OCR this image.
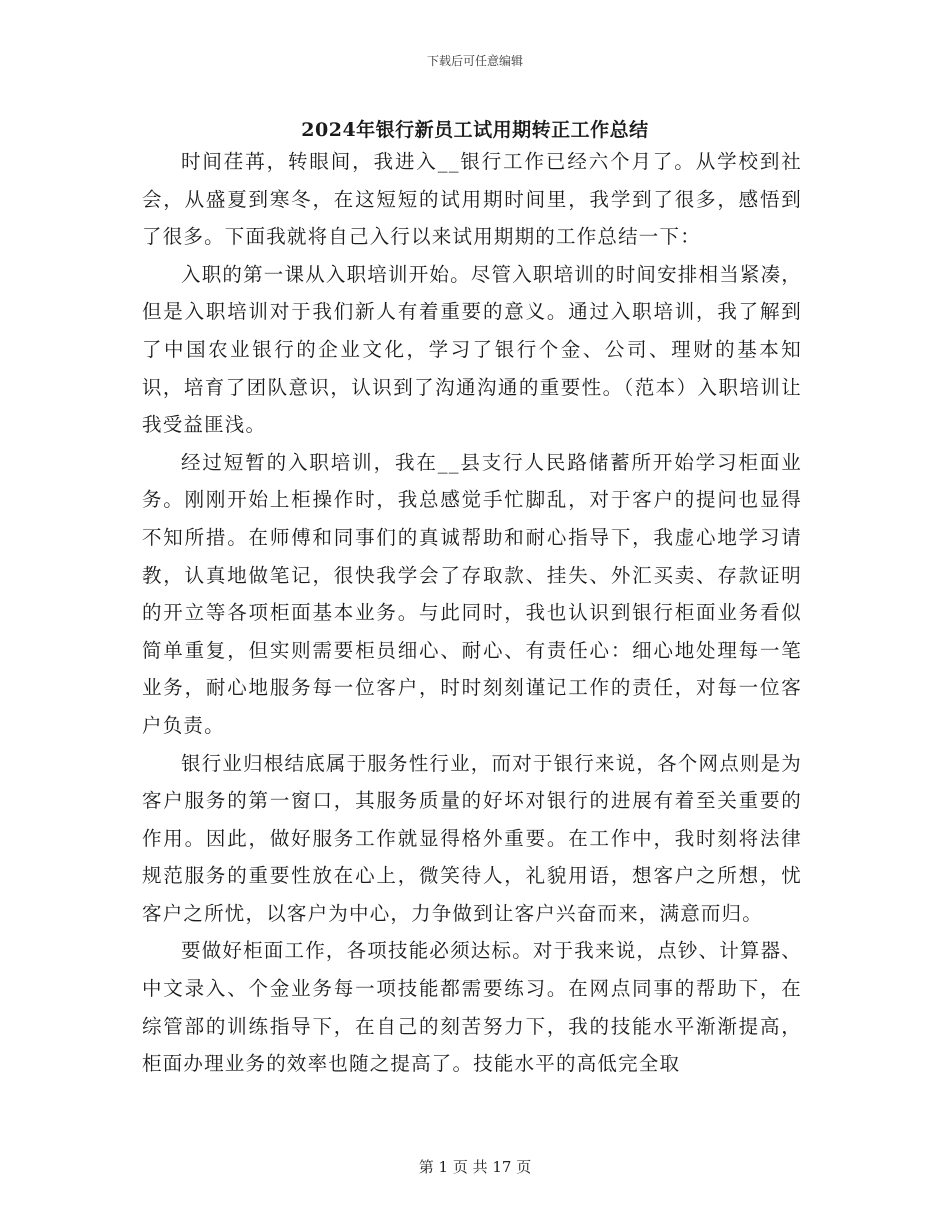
下载后可任意编辑
2024年银行新员工试用期转正工作总结

时间荏苒，转眼间，我进入__银行工作已经六个月了。从学校到社会，从盛夏到寒冬，在这短短的试用期时间里，我学到了很多，感悟到了很多。下面我就将自己入行以来试用期期的工作总结一下：

入职的第一课从入职培训开始。尽管入职培训的时间安排相当紧凑，但是入职培训对于我们新人有着重要的意义。通过入职培训，我了解到了中国农业银行的企业文化，学习了银行个金、公司、理财的基本知识，培育了团队意识，认识到了沟通沟通的重要性。（范本）入职培训让我受益匪浅。

经过短暂的入职培训，我在__县支行人民路储蓄所开始学习柜面业务。刚刚开始上柜操作时，我总感觉手忙脚乱，对于客户的提问也显得不知所措。在师傅和同事们的真诚帮助和耐心指导下，我虚心地学习请教，认真地做笔记，很快我学会了存取款、挂失、外汇买卖、存款证明的开立等各项柜面基本业务。与此同时，我也认识到银行柜面业务看似简单重复，但实则需要柜员细心、耐心、有责任心：细心地处理每一笔业务，耐心地服务每一位客户，时时刻刻谨记工作的责任，对每一位客户负责。

银行业归根结底属于服务性行业，而对于银行来说，各个网点则是为客户服务的第一窗口，其服务质量的好坏对银行的进展有着至关重要的作用。因此，做好服务工作就显得格外重要。在工作中，我时刻将法律规范服务的重要性放在心上，微笑待人，礼貌用语，想客户之所想，忧客户之所忧，以客户为中心，力争做到让客户兴奋而来，满意而归。

要做好柜面工作，各项技能必须达标。对于我来说，点钞、计算器、中文录入、个金业务每一项技能都需要练习。在网点同事的帮助下，在综管部的训练指导下，在自己的刻苦努力下，我的技能水平渐渐提高，柜面办理业务的效率也随之提高了。技能水平的高低完全取

第 1 页 共 17 页
